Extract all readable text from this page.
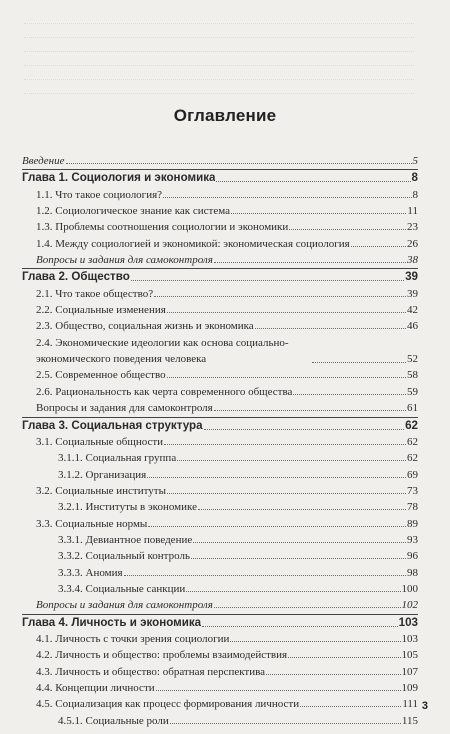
Оглавление
Введение	5
Глава 1. Социология и экономика	8
1.1. Что такое социология?	8
1.2. Социологическое знание как система	11
1.3. Проблемы соотношения социологии и экономики	23
1.4. Между социологией и экономикой: экономическая социология	26
Вопросы и задания для самоконтроля	38
Глава 2. Общество	39
2.1. Что такое общество?	39
2.2. Социальные изменения	42
2.3. Общество, социальная жизнь и экономика	46
2.4. Экономические идеологии как основа социально-экономического поведения человека	52
2.5. Современное общество	58
2.6. Рациональность как черта современного общества	59
Вопросы и задания для самоконтроля	61
Глава 3. Социальная структура	62
3.1. Социальные общности	62
3.1.1. Социальная группа	62
3.1.2. Организация	69
3.2. Социальные институты	73
3.2.1. Институты в экономике	78
3.3. Социальные нормы	89
3.3.1. Девиантное поведение	93
3.3.2. Социальный контроль	96
3.3.3. Аномия	98
3.3.4. Социальные санкции	100
Вопросы и задания для самоконтроля	102
Глава 4. Личность и экономика	103
4.1. Личность с точки зрения социологии	103
4.2. Личность и общество: проблемы взаимодействия	105
4.3. Личность и общество: обратная перспектива	107
4.4. Концепции личности	109
4.5. Социализация как процесс формирования личности	111
4.5.1. Социальные роли	115
3
